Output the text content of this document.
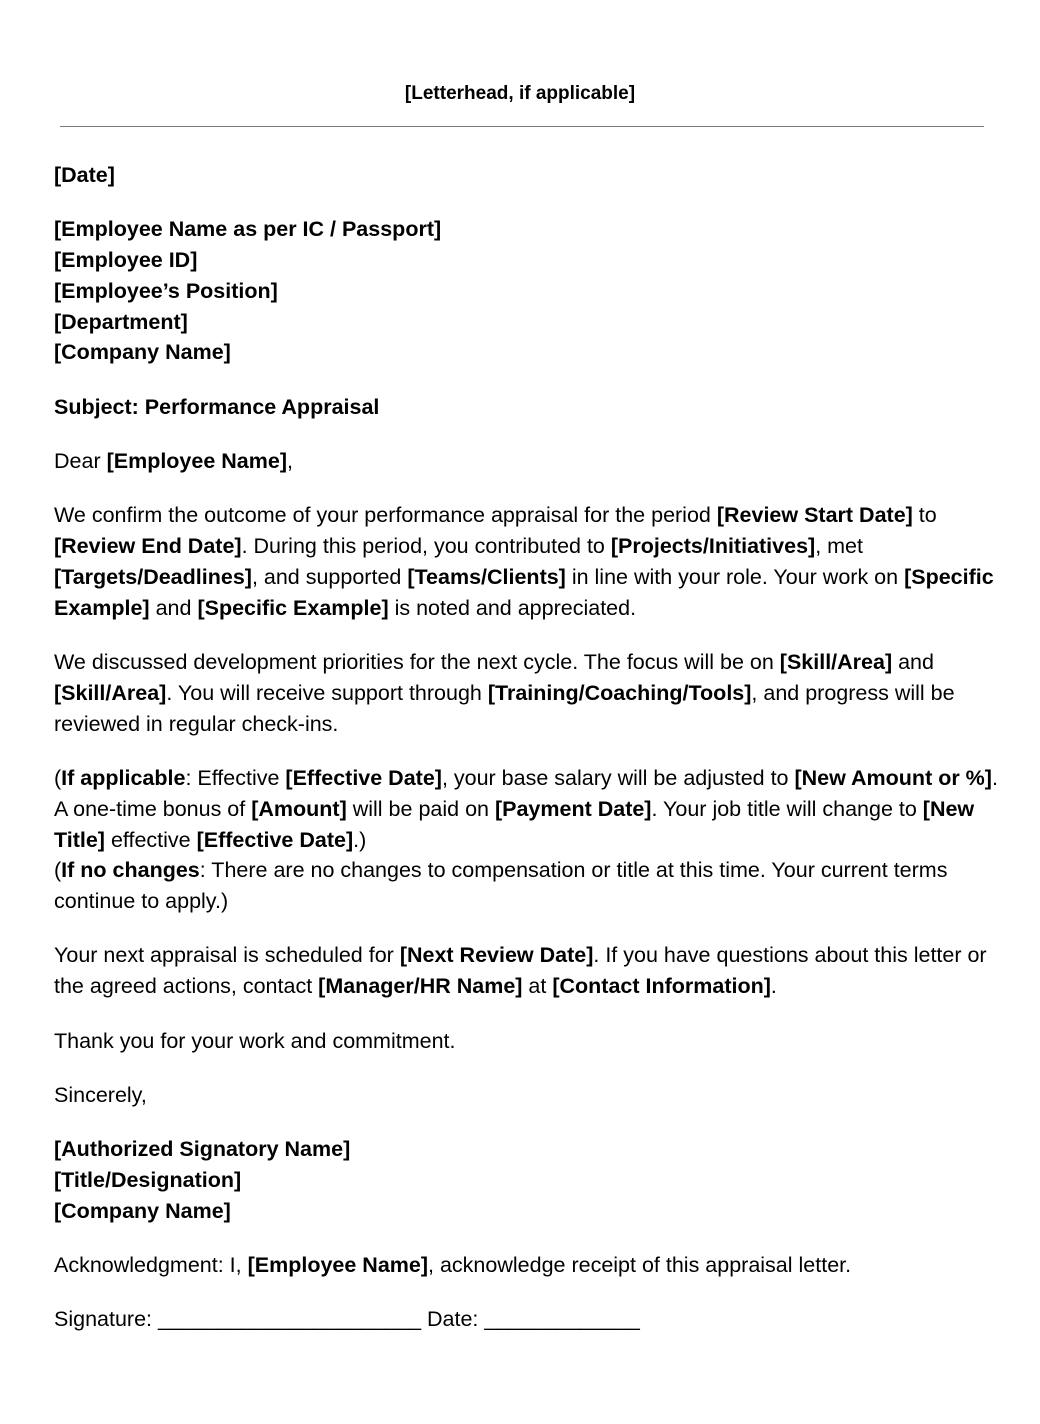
[Letterhead, if applicable]

[Date]

[Employee Name as per IC / Passport]
[Employee ID]
[Employee’s Position]
[Department]
[Company Name]

Subject: Performance Appraisal

Dear [Employee Name],

We confirm the outcome of your performance appraisal for the period [Review Start Date] to [Review End Date]. During this period, you contributed to [Projects/Initiatives], met [Targets/Deadlines], and supported [Teams/Clients] in line with your role. Your work on [Specific Example] and [Specific Example] is noted and appreciated.

We discussed development priorities for the next cycle. The focus will be on [Skill/Area] and [Skill/Area]. You will receive support through [Training/Coaching/Tools], and progress will be reviewed in regular check-ins.

(If applicable: Effective [Effective Date], your base salary will be adjusted to [New Amount or %]. A one-time bonus of [Amount] will be paid on [Payment Date]. Your job title will change to [New Title] effective [Effective Date].)

(If no changes: There are no changes to compensation or title at this time. Your current terms continue to apply.)

Your next appraisal is scheduled for [Next Review Date]. If you have questions about this letter or the agreed actions, contact [Manager/HR Name] at [Contact Information].

Thank you for your work and commitment.

Sincerely,

[Authorized Signatory Name]
[Title/Designation]
[Company Name]

Acknowledgment: I, [Employee Name], acknowledge receipt of this appraisal letter.

Signature: ______________________ Date: _____________
